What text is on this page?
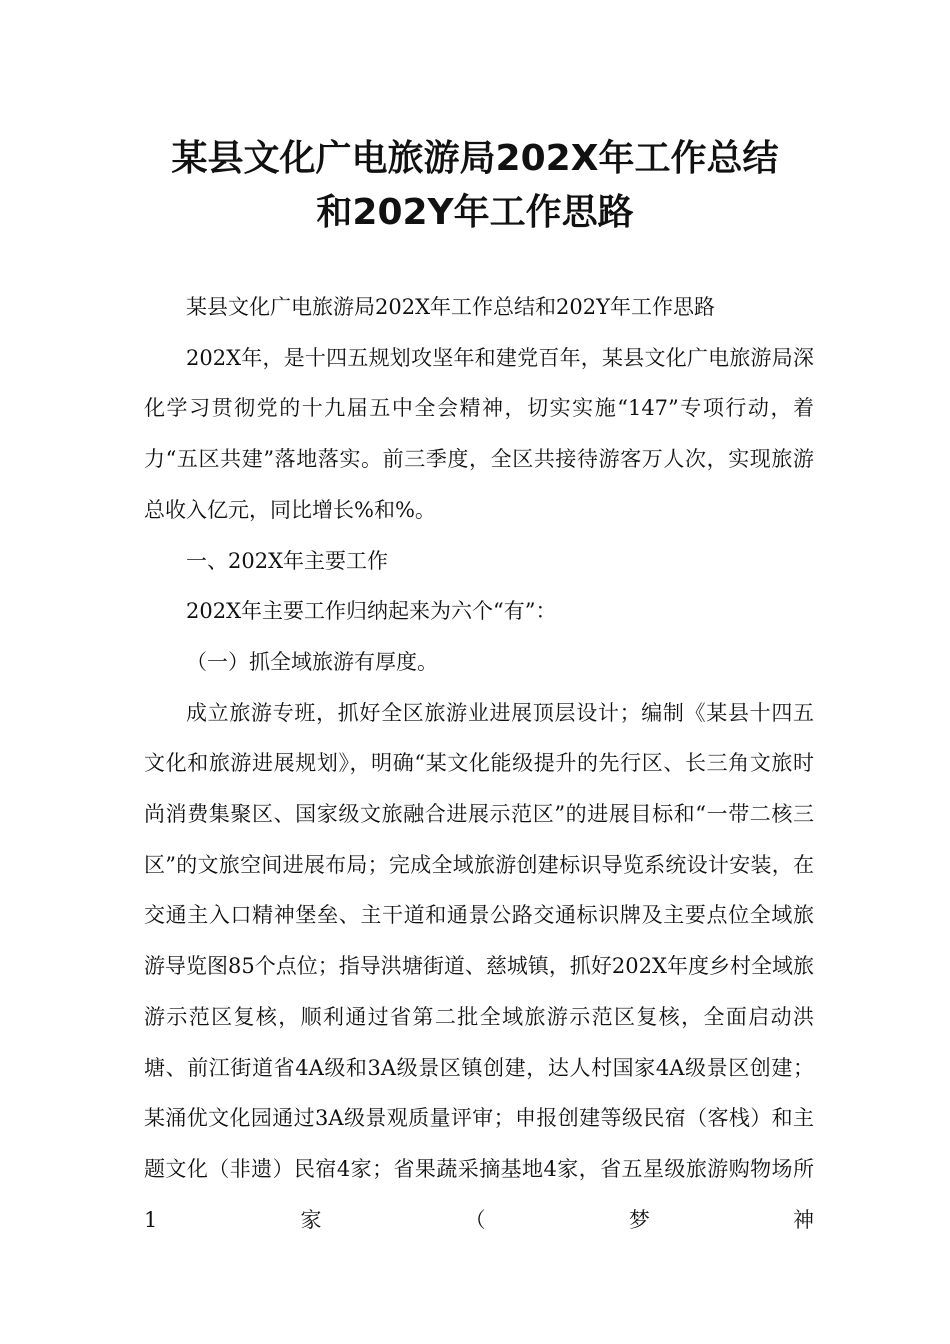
某县文化广电旅游局202X年工作总结
和202Y年工作思路

某县文化广电旅游局202X年工作总结和202Y年工作思路

202X年，是十四五规划攻坚年和建党百年，某县文化广电旅游局深化学习贯彻党的十九届五中全会精神，切实实施“147”专项行动，着力“五区共建”落地落实。前三季度，全区共接待游客万人次，实现旅游总收入亿元，同比增长%和%。

一、202X年主要工作

202X年主要工作归纳起来为六个“有”：

（一）抓全域旅游有厚度。

成立旅游专班，抓好全区旅游业进展顶层设计；编制《某县十四五文化和旅游进展规划》，明确“某文化能级提升的先行区、长三角文旅时尚消费集聚区、国家级文旅融合进展示范区”的进展目标和“一带二核三区”的文旅空间进展布局；完成全域旅游创建标识导览系统设计安装，在交通主入口精神堡垒、主干道和通景公路交通标识牌及主要点位全域旅游导览图85个点位；指导洪塘街道、慈城镇，抓好202X年度乡村全域旅游示范区复核，顺利通过省第二批全域旅游示范区复核，全面启动洪塘、前江街道省4A级和3A级景区镇创建，达人村国家4A级景区创建；某涌优文化园通过3A级景观质量评审；申报创建等级民宿（客栈）和主题文化（非遗）民宿4家；省果蔬采摘基地4家，省五星级旅游购物场所1家（梦神
